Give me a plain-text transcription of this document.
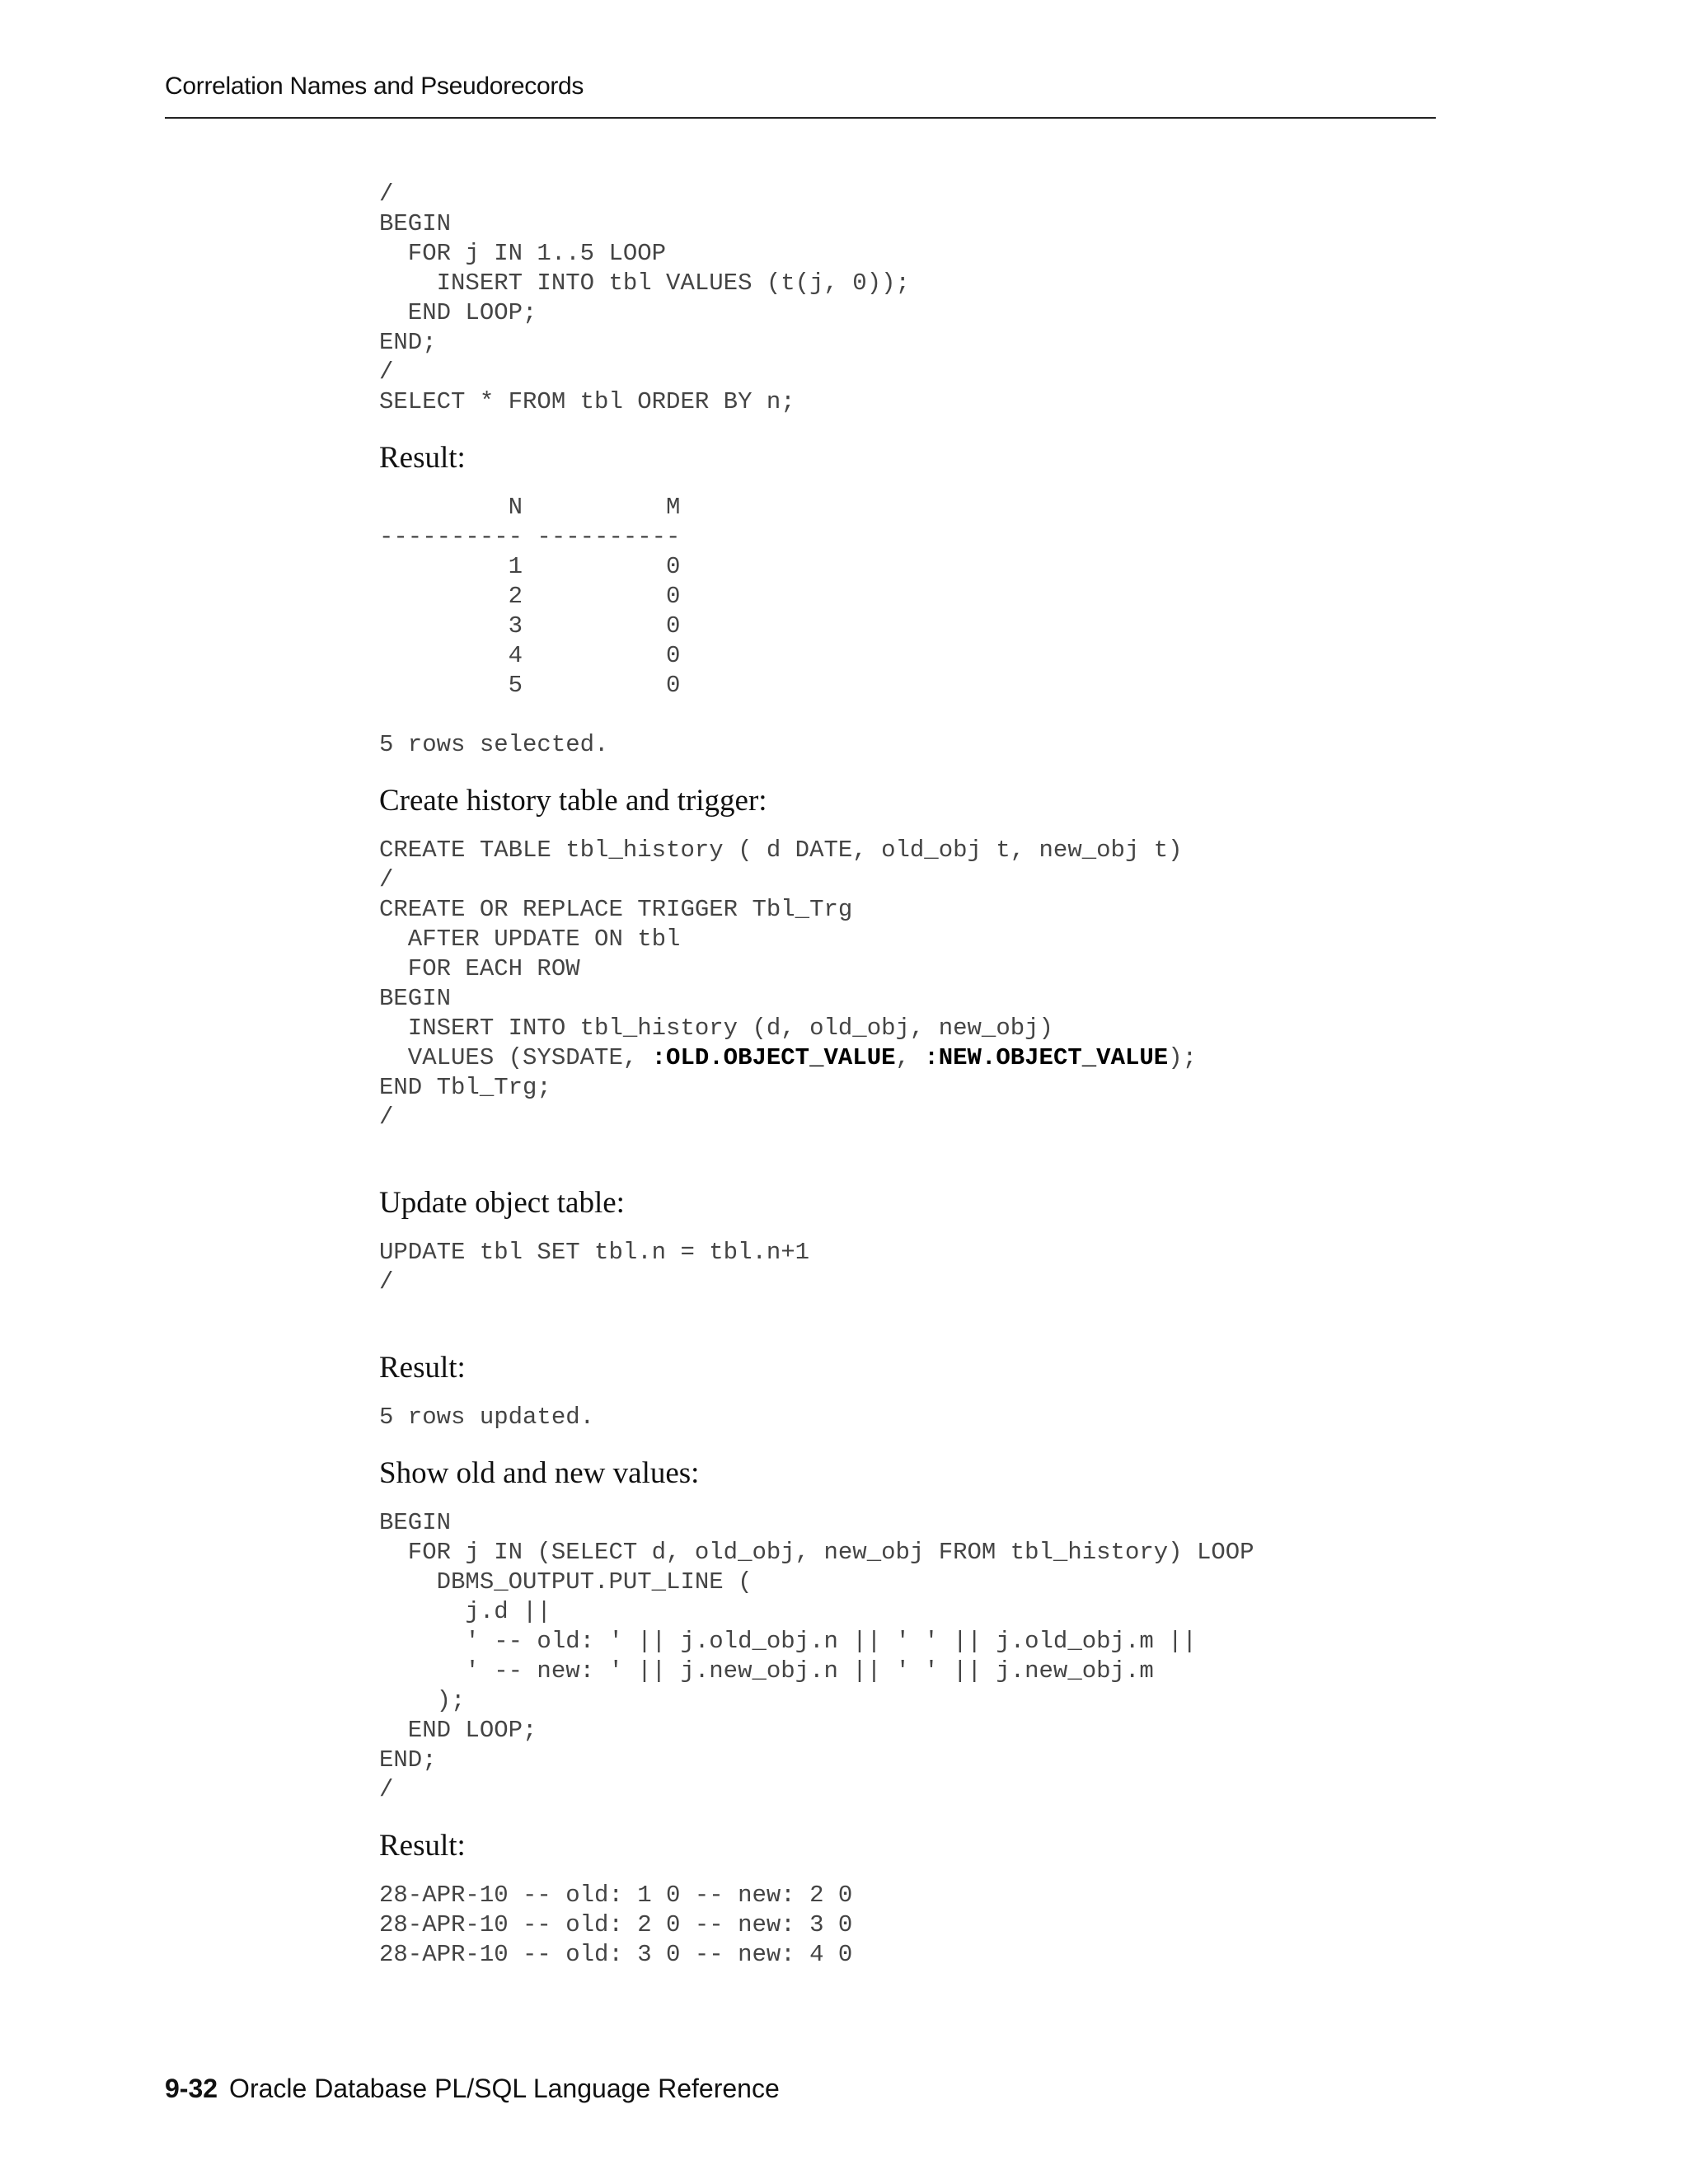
Correlation Names and Pseudorecords
/
BEGIN
FOR j IN 1..5 LOOP
INSERT INTO tbl VALUES (t(j, 0));
END LOOP;
END;
/
SELECT * FROM tbl ORDER BY n;
Result:
N          M
---------- ----------
1          0
2          0
3          0
4          0
5          0

5 rows selected.
Create history table and trigger:
CREATE TABLE tbl_history ( d DATE, old_obj t, new_obj t)
/
CREATE OR REPLACE TRIGGER Tbl_Trg
AFTER UPDATE ON tbl
FOR EACH ROW
BEGIN
INSERT INTO tbl_history (d, old_obj, new_obj)
VALUES (SYSDATE, :OLD.OBJECT_VALUE, :NEW.OBJECT_VALUE);
END Tbl_Trg;
/
Update object table:
UPDATE tbl SET tbl.n = tbl.n+1
/
Result:
5 rows updated.
Show old and new values:
BEGIN
FOR j IN (SELECT d, old_obj, new_obj FROM tbl_history) LOOP
DBMS_OUTPUT.PUT_LINE (
j.d ||
' -- old: ' || j.old_obj.n || ' ' || j.old_obj.m ||
' -- new: ' || j.new_obj.n || ' ' || j.new_obj.m
);
END LOOP;
END;
/
Result:
28-APR-10 -- old: 1 0 -- new: 2 0
28-APR-10 -- old: 2 0 -- new: 3 0
28-APR-10 -- old: 3 0 -- new: 4 0
9-32 Oracle Database PL/SQL Language Reference
